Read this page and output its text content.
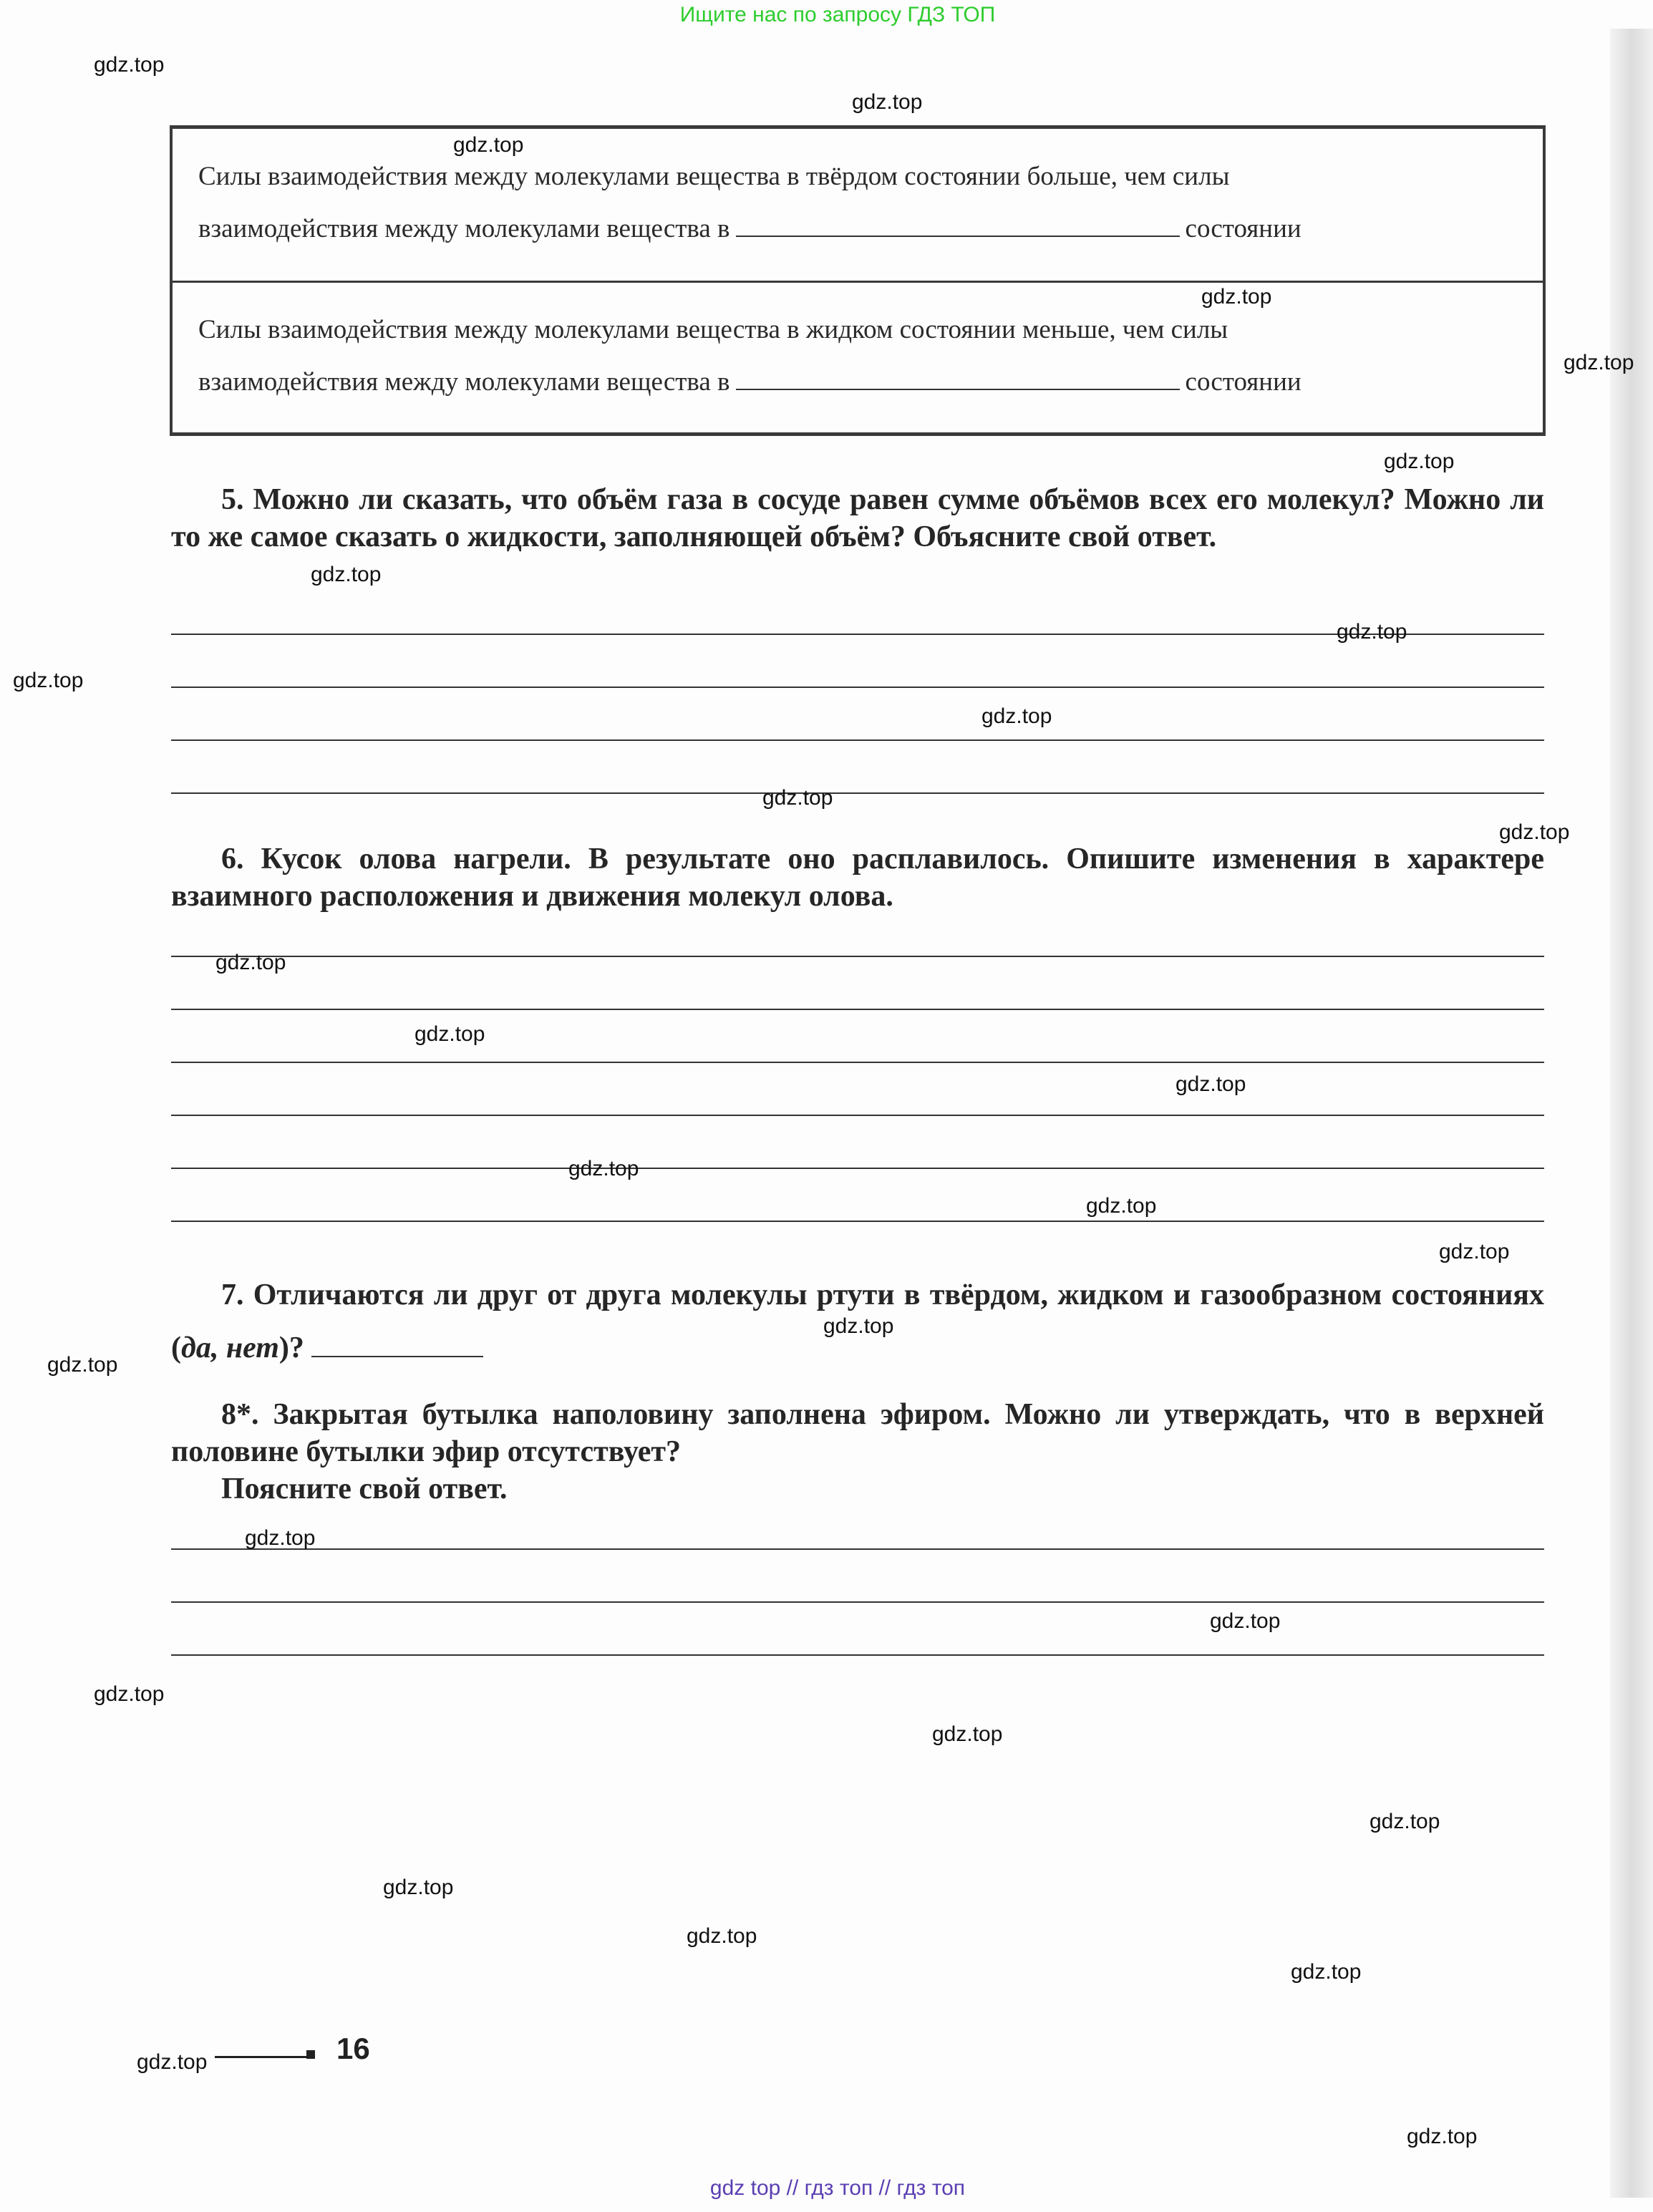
Ищите нас по запросу ГДЗ ТОП
Силы взаимодействия между молекулами вещества в твёрдом состоянии больше, чем силы
взаимодействия между молекулами вещества в	состоянии
Силы взаимодействия между молекулами вещества в жидком состоянии меньше, чем силы
взаимодействия между молекулами вещества в	состоянии
5. Можно ли сказать, что объём газа в сосуде равен сумме объёмов всех его молекул? Можно ли то же самое сказать о жидкости, заполняющей объём? Объясните свой ответ.
6. Кусок олова нагрели. В результате оно расплавилось. Опишите изменения в характере взаимного расположения и движения молекул олова.
7. Отличаются ли друг от друга молекулы ртути в твёрдом, жидком и газообразном состояниях (да, нет)?
8*. Закрытая бутылка наполовину заполнена эфиром. Можно ли утверждать, что в верхней половине бутылки эфир отсутствует?
Поясните свой ответ.
16
gdz.top
gdz.top
gdz.top
gdz.top
gdz.top
gdz.top
gdz.top
gdz.top
gdz.top
gdz.top
gdz.top
gdz.top
gdz.top
gdz.top
gdz.top
gdz.top
gdz.top
gdz.top
gdz.top
gdz.top
gdz.top
gdz.top
gdz.top
gdz.top
gdz.top
gdz.top
gdz.top
gdz.top
gdz.top
gdz.top
gdz top // гдз топ // гдз топ
